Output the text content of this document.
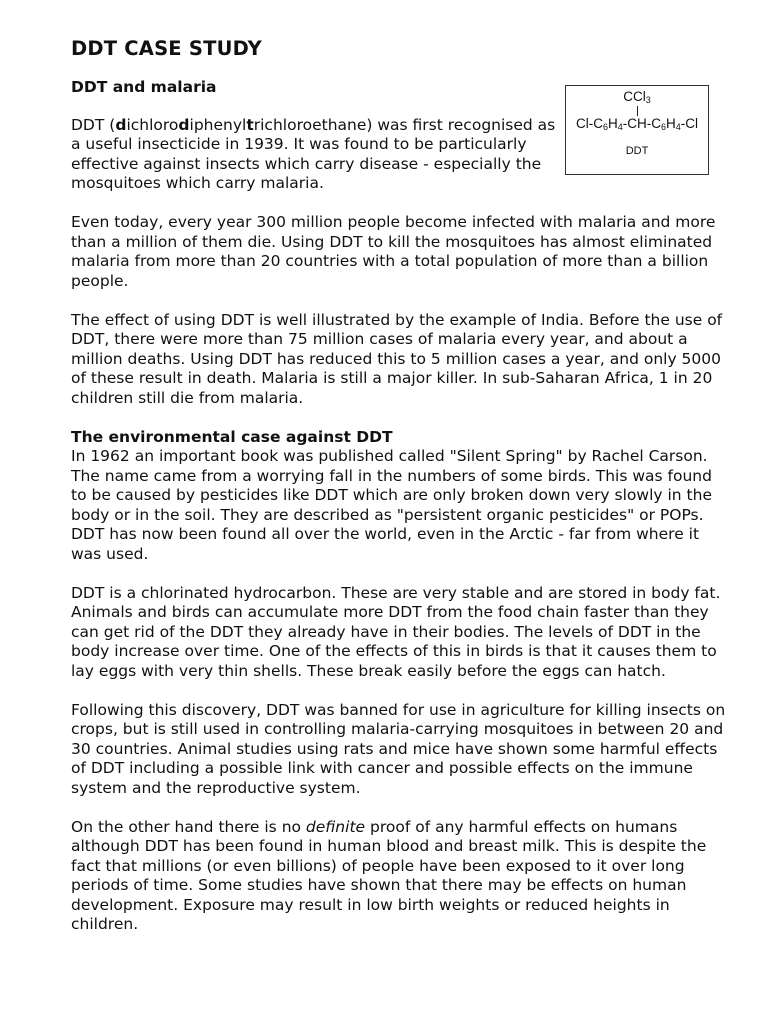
DDT CASE STUDY
DDT and malaria

DDT (dichlorodiphenyltrichloroethane) was first recognised as a useful insecticide in 1939. It was found to be particularly effective against insects which carry disease - especially the mosquitoes which carry malaria.

Even today, every year 300 million people become infected with malaria and more than a million of them die. Using DDT to kill the mosquitoes has almost eliminated malaria from more than 20 countries with a total population of more than a billion people.

The effect of using DDT is well illustrated by the example of India. Before the use of DDT, there were more than 75 million cases of malaria every year, and about a million deaths. Using DDT has reduced this to 5 million cases a year, and only 5000 of these result in death. Malaria is still a major killer. In sub-Saharan Africa, 1 in 20 children still die from malaria.

The environmental case against DDT

In 1962 an important book was published called "Silent Spring" by Rachel Carson. The name came from a worrying fall in the numbers of some birds. This was found to be caused by pesticides like DDT which are only broken down very slowly in the body or in the soil. They are described as "persistent organic pesticides" or POPs. DDT has now been found all over the world, even in the Arctic - far from where it was used.

DDT is a chlorinated hydrocarbon. These are very stable and are stored in body fat. Animals and birds can accumulate more DDT from the food chain faster than they can get rid of the DDT they already have in their bodies. The levels of DDT in the body increase over time. One of the effects of this in birds is that it causes them to lay eggs with very thin shells. These break easily before the eggs can hatch.

Following this discovery, DDT was banned for use in agriculture for killing insects on crops, but is still used in controlling malaria-carrying mosquitoes in between 20 and 30 countries. Animal studies using rats and mice have shown some harmful effects of DDT including a possible link with cancer and possible effects on the immune system and the reproductive system.

On the other hand there is no definite proof of any harmful effects on humans although DDT has been found in human blood and breast milk. This is despite the fact that millions (or even billions) of people have been exposed to it over long periods of time. Some studies have shown that there may be effects on human development. Exposure may result in low birth weights or reduced heights in children.

CCl$_3$
$Cl-C_6H_4-CH-C_6H_4-Cl$
DDT
